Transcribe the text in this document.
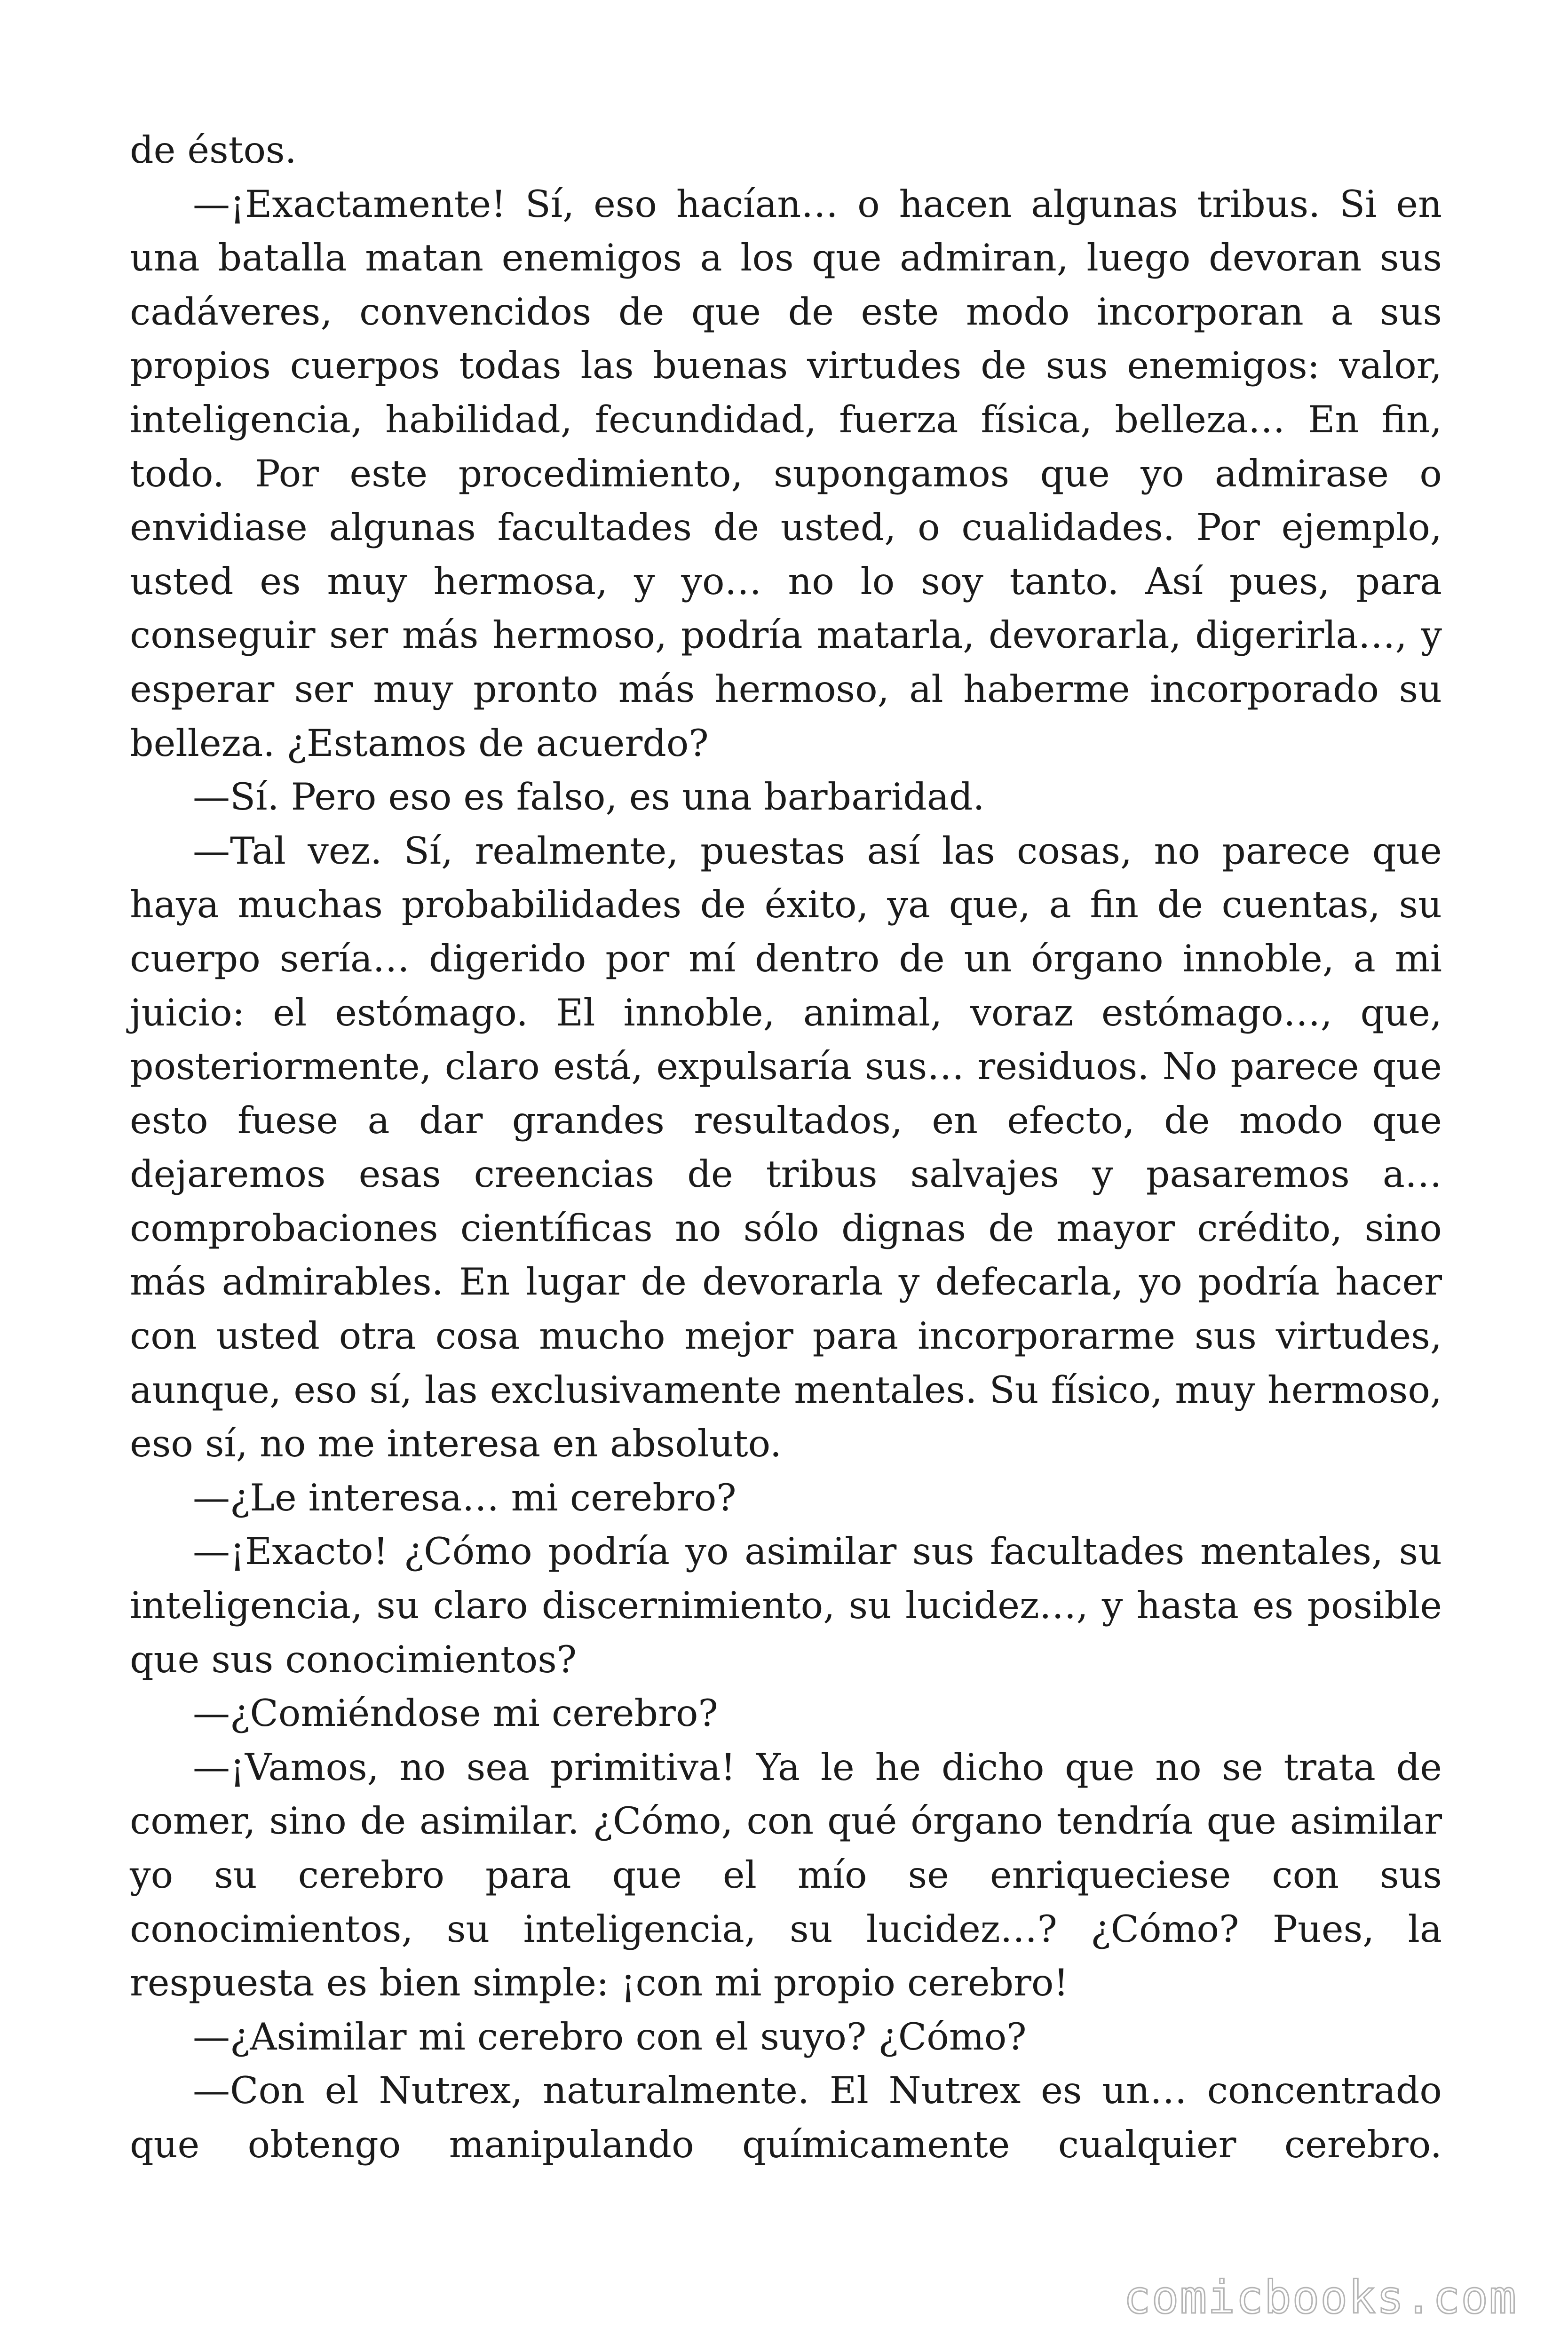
de éstos.

—¡Exactamente! Sí, eso hacían… o hacen algunas tribus. Si en una batalla matan enemigos a los que admiran, luego devoran sus cadáveres, convencidos de que de este modo incorporan a sus propios cuerpos todas las buenas virtudes de sus enemigos: valor, inteligencia, habilidad, fecundidad, fuerza física, belleza… En fin, todo. Por este procedimiento, supongamos que yo admirase o envidiase algunas facultades de usted, o cualidades. Por ejemplo, usted es muy hermosa, y yo… no lo soy tanto. Así pues, para conseguir ser más hermoso, podría matarla, devorarla, digerirla…, y esperar ser muy pronto más hermoso, al haberme incorporado su belleza. ¿Estamos de acuerdo?

—Sí. Pero eso es falso, es una barbaridad.

—Tal vez. Sí, realmente, puestas así las cosas, no parece que haya muchas probabilidades de éxito, ya que, a fin de cuentas, su cuerpo sería… digerido por mí dentro de un órgano innoble, a mi juicio: el estómago. El innoble, animal, voraz estómago…, que, posteriormente, claro está, expulsaría sus… residuos. No parece que esto fuese a dar grandes resultados, en efecto, de modo que dejaremos esas creencias de tribus salvajes y pasaremos a… comprobaciones científicas no sólo dignas de mayor crédito, sino más admirables. En lugar de devorarla y defecarla, yo podría hacer con usted otra cosa mucho mejor para incorporarme sus virtudes, aunque, eso sí, las exclusivamente mentales. Su físico, muy hermoso, eso sí, no me interesa en absoluto.

—¿Le interesa… mi cerebro?

—¡Exacto! ¿Cómo podría yo asimilar sus facultades mentales, su inteligencia, su claro discernimiento, su lucidez…, y hasta es posible que sus conocimientos?

—¿Comiéndose mi cerebro?

—¡Vamos, no sea primitiva! Ya le he dicho que no se trata de comer, sino de asimilar. ¿Cómo, con qué órgano tendría que asimilar yo su cerebro para que el mío se enriqueciese con sus conocimientos, su inteligencia, su lucidez…? ¿Cómo? Pues, la respuesta es bien simple: ¡con mi propio cerebro!

—¿Asimilar mi cerebro con el suyo? ¿Cómo?

—Con el Nutrex, naturalmente. El Nutrex es un… concentrado que obtengo manipulando químicamente cualquier cerebro.

comicbooks.com
